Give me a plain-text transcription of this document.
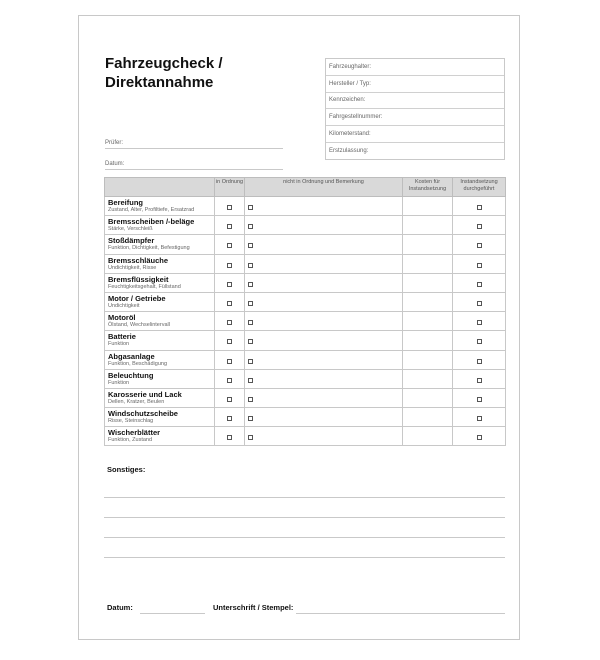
Fahrzeugcheck /
Direktannahme
Prüfer:
Datum:
Fahrzeughalter:
Hersteller / Typ:
Kennzeichen:
Fahrgestellnummer:
Kilometerstand:
Erstzulassung:
	in Ordnung	nicht in Ordnung und Bemerkung	Kosten für Instandsetzung	Instandsetzung durchgeführt

Bereifung
Zustand, Alter, Profiltiefe, Ersatzrad				

Bremsscheiben /-beläge
Stärke, Verschleiß				

Stoßdämpfer
Funktion, Dichtigkeit, Befestigung				

Bremsschläuche
Undichtigkeit, Risse				

Bremsflüssigkeit
Feuchtigkeitsgehalt, Füllstand				

Motor / Getriebe
Undichtigkeit				

Motoröl
Ölstand, Wechselintervall				

Batterie
Funktion				

Abgasanlage
Funktion, Beschädigung				

Beleuchtung
Funktion				

Karosserie und Lack
Dellen, Kratzer, Beulen				

Windschutzscheibe
Risse, Steinschlag				

Wischerblätter
Funktion, Zustand				

Sonstiges:
Datum:	Unterschrift / Stempel:
